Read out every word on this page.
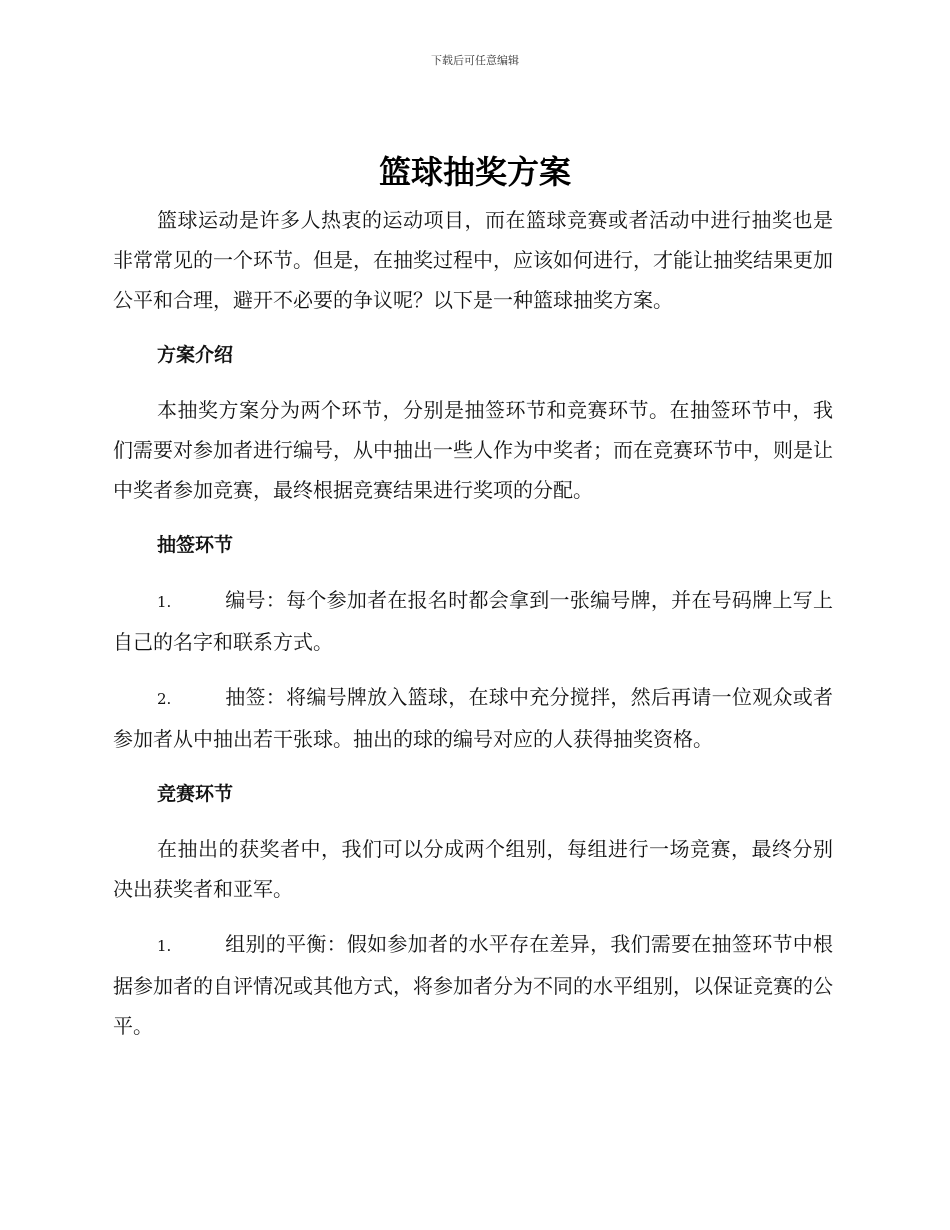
下载后可任意编辑
篮球抽奖方案

篮球运动是许多人热衷的运动项目，而在篮球竞赛或者活动中进行抽奖也是非常常见的一个环节。但是，在抽奖过程中，应该如何进行，才能让抽奖结果更加公平和合理，避开不必要的争议呢？以下是一种篮球抽奖方案。

方案介绍

本抽奖方案分为两个环节，分别是抽签环节和竞赛环节。在抽签环节中，我们需要对参加者进行编号，从中抽出一些人作为中奖者；而在竞赛环节中，则是让中奖者参加竞赛，最终根据竞赛结果进行奖项的分配。

抽签环节

1.	编号：每个参加者在报名时都会拿到一张编号牌，并在号码牌上写上自己的名字和联系方式。

2.	抽签：将编号牌放入篮球，在球中充分搅拌，然后再请一位观众或者参加者从中抽出若干张球。抽出的球的编号对应的人获得抽奖资格。

竞赛环节

在抽出的获奖者中，我们可以分成两个组别，每组进行一场竞赛，最终分别决出获奖者和亚军。

1.	组别的平衡：假如参加者的水平存在差异，我们需要在抽签环节中根据参加者的自评情况或其他方式，将参加者分为不同的水平组别，以保证竞赛的公平。
